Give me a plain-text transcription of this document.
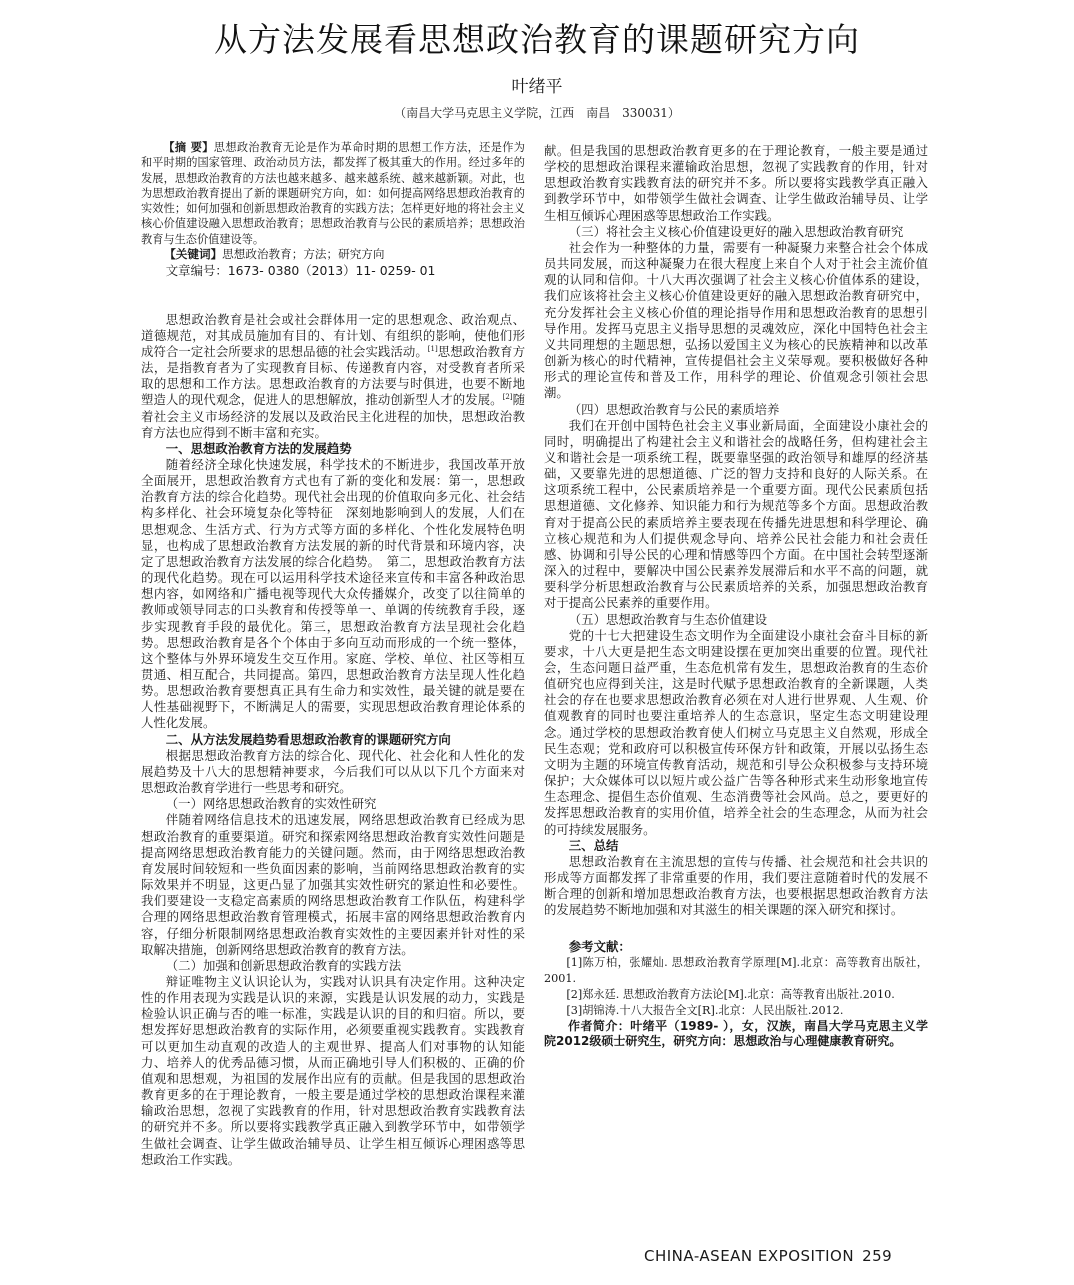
从方法发展看思想政治教育的课题研究方向
叶绪平
（南昌大学马克思主义学院，江西　南昌　330031）

【摘 要】思想政治教育无论是作为革命时期的思想工作方法，还是作为和平时期的国家管理、政治动员方法，都发挥了极其重大的作用。经过多年的发展，思想政治教育的方法也越来越多、越来越系统、越来越新颖。对此，也为思想政治教育提出了新的课题研究方向，如：如何提高网络思想政治教育的实效性；如何加强和创新思想政治教育的实践方法；怎样更好地的将社会主义核心价值建设融入思想政治教育；思想政治教育与公民的素质培养；思想政治教育与生态价值建设等。

【关键词】思想政治教育；方法；研究方向

文章编号：1673- 0380（2013）11- 0259- 01

思想政治教育是社会或社会群体用一定的思想观念、政治观点、道德规范，对其成员施加有目的、有计划、有组织的影响，使他们形成符合一定社会所要求的思想品德的社会实践活动。[1]思想政治教育方法，是指教育者为了实现教育目标、传递教育内容，对受教育者所采取的思想和工作方法。思想政治教育的方法要与时俱进，也要不断地塑造人的现代观念，促进人的思想解放，推动创新型人才的发展。[2]随着社会主义市场经济的发展以及政治民主化进程的加快，思想政治教育方法也应得到不断丰富和充实。

一、思想政治教育方法的发展趋势

随着经济全球化快速发展，科学技术的不断进步，我国改革开放全面展开，思想政治教育方式也有了新的变化和发展：第一，思想政治教育方法的综合化趋势。现代社会出现的价值取向多元化、社会结构多样化、社会环境复杂化等特征　深刻地影响到人的发展，人们在思想观念、生活方式、行为方式等方面的多样化、个性化发展特色明显，也构成了思想政治教育方法发展的新的时代背景和环境内容，决定了思想政治教育方法发展的综合化趋势。　第二，思想政治教育方法的现代化趋势。现在可以运用科学技术途径来宣传和丰富各种政治思想内容，如网络和广播电视等现代大众传播媒介，改变了以往简单的教师或领导同志的口头教育和传授等单一、单调的传统教育手段，逐步实现教育手段的最优化。第三，思想政治教育方法呈现社会化趋势。思想政治教育是各个个体由于多向互动而形成的一个统一整体，这个整体与外界环境发生交互作用。家庭、学校、单位、社区等相互贯通、相互配合，共同提高。第四，思想政治教育方法呈现人性化趋势。思想政治教育要想真正具有生命力和实效性，最关键的就是要在人性基础视野下，不断满足人的需要，实现思想政治教育理论体系的人性化发展。

二、从方法发展趋势看思想政治教育的课题研究方向

根据思想政治教育方法的综合化、现代化、社会化和人性化的发展趋势及十八大的思想精神要求，今后我们可以从以下几个方面来对思想政治教育学进行一些思考和研究。

（一）网络思想政治教育的实效性研究

伴随着网络信息技术的迅速发展，网络思想政治教育已经成为思想政治教育的重要渠道。研究和探索网络思想政治教育实效性问题是提高网络思想政治教育能力的关键问题。然而，由于网络思想政治教育发展时间较短和一些负面因素的影响，当前网络思想政治教育的实际效果并不明显，这更凸显了加强其实效性研究的紧迫性和必要性。我们要建设一支稳定高素质的网络思想政治教育工作队伍，构建科学合理的网络思想政治教育管理模式，拓展丰富的网络思想政治教育内容，仔细分析限制网络思想政治教育实效性的主要因素并针对性的采取解决措施，创新网络思想政治教育的教育方法。

（二）加强和创新思想政治教育的实践方法

辩证唯物主义认识论认为，实践对认识具有决定作用。这种决定性的作用表现为实践是认识的来源，实践是认识发展的动力，实践是检验认识正确与否的唯一标准，实践是认识的目的和归宿。所以，要想发挥好思想政治教育的实际作用，必须要重视实践教育。实践教育可以更加生动直观的改造人的主观世界、提高人们对事物的认知能力、培养人的优秀品德习惯，从而正确地引导人们积极的、正确的价值观和思想观，为祖国的发展作出应有的贡献。但是我国的思想政治教育更多的在于理论教育，一般主要是通过学校的思想政治课程来灌输政治思想，忽视了实践教育的作用，针对思想政治教育实践教育法的研究并不多。所以要将实践教学真正融入到教学环节中，如带领学生做社会调查、让学生做政治辅导员、让学生相互倾诉心理困惑等思想政治工作实践。

献。但是我国的思想政治教育更多的在于理论教育，一般主要是通过学校的思想政治课程来灌输政治思想，忽视了实践教育的作用，针对思想政治教育实践教育法的研究并不多。所以要将实践教学真正融入到教学环节中，如带领学生做社会调查、让学生做政治辅导员、让学生相互倾诉心理困惑等思想政治工作实践。

（三）将社会主义核心价值建设更好的融入思想政治教育研究

社会作为一种整体的力量，需要有一种凝聚力来整合社会个体成员共同发展，而这种凝聚力在很大程度上来自个人对于社会主流价值观的认同和信仰。十八大再次强调了社会主义核心价值体系的建设，我们应该将社会主义核心价值建设更好的融入思想政治教育研究中，充分发挥社会主义核心价值的理论指导作用和思想政治教育的思想引导作用。发挥马克思主义指导思想的灵魂效应，深化中国特色社会主义共同理想的主题思想，弘扬以爱国主义为核心的民族精神和以改革创新为核心的时代精神，宣传提倡社会主义荣辱观。要积极做好各种形式的理论宣传和普及工作，用科学的理论、价值观念引领社会思潮。

（四）思想政治教育与公民的素质培养

我们在开创中国特色社会主义事业新局面，全面建设小康社会的同时，明确提出了构建社会主义和谐社会的战略任务，但构建社会主义和谐社会是一项系统工程，既要靠坚强的政治领导和雄厚的经济基础，又要靠先进的思想道德、广泛的智力支持和良好的人际关系。在这项系统工程中，公民素质培养是一个重要方面。现代公民素质包括思想道德、文化修养、知识能力和行为规范等多个方面。思想政治教育对于提高公民的素质培养主要表现在传播先进思想和科学理论、确立核心规范和为人们提供观念导向、培养公民社会能力和社会责任感、协调和引导公民的心理和情感等四个方面。在中国社会转型逐渐深入的过程中，要解决中国公民素养发展滞后和水平不高的问题，就要科学分析思想政治教育与公民素质培养的关系，加强思想政治教育对于提高公民素养的重要作用。

（五）思想政治教育与生态价值建设

党的十七大把建设生态文明作为全面建设小康社会奋斗目标的新要求，十八大更是把生态文明建设摆在更加突出重要的位置。现代社会，生态问题日益严重，生态危机常有发生，思想政治教育的生态价值研究也应得到关注，这是时代赋予思想政治教育的全新课题，人类社会的存在也要求思想政治教育必须在对人进行世界观、人生观、价值观教育的同时也要注重培养人的生态意识，坚定生态文明建设理念。通过学校的思想政治教育使人们树立马克思主义自然观，形成全民生态观；党和政府可以积极宣传环保方针和政策，开展以弘扬生态文明为主题的环境宣传教育活动，规范和引导公众积极参与支持环境保护；大众媒体可以以短片或公益广告等各种形式来生动形象地宣传生态理念、提倡生态价值观、生态消费等社会风尚。总之，要更好的发挥思想政治教育的实用价值，培养全社会的生态理念，从而为社会的可持续发展服务。

三、总结

思想政治教育在主流思想的宣传与传播、社会规范和社会共识的形成等方面都发挥了非常重要的作用，我们要注意随着时代的发展不断合理的创新和增加思想政治教育方法，也要根据思想政治教育方法的发展趋势不断地加强和对其滋生的相关课题的深入研究和探讨。

参考文献：

[1]陈万柏，张耀灿. 思想政治教育学原理[M].北京：高等教育出版社，2001.

[2]郑永廷. 思想政治教育方法论[M].北京：高等教育出版社.2010.

[3]胡锦涛.十八大报告全文[R].北京：人民出版社.2012.

作者简介：叶绪平（1989- ），女，汉族，南昌大学马克思主义学院2012级硕士研究生，研究方向：思想政治与心理健康教育研究。

CHINA-ASEAN EXPOSITION 259
